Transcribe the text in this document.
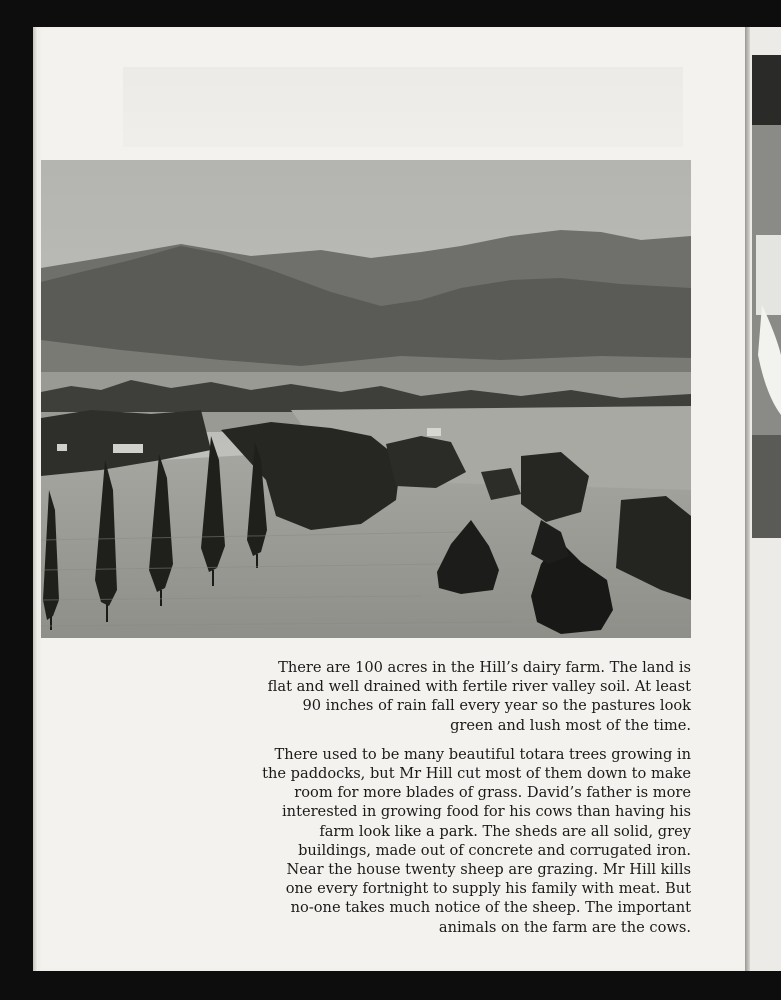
There are 100 acres in the Hill’s dairy farm. The land is flat and well drained with fertile river valley soil. At least 90 inches of rain fall every year so the pastures look green and lush most of the time.

There used to be many beautiful totara trees growing in the paddocks, but Mr Hill cut most of them down to make room for more blades of grass. David’s father is more interested in growing food for his cows than having his farm look like a park. The sheds are all solid, grey buildings, made out of concrete and corrugated iron. Near the house twenty sheep are grazing. Mr Hill kills one every fortnight to supply his family with meat. But no-one takes much notice of the sheep. The important animals on the farm are the cows.
